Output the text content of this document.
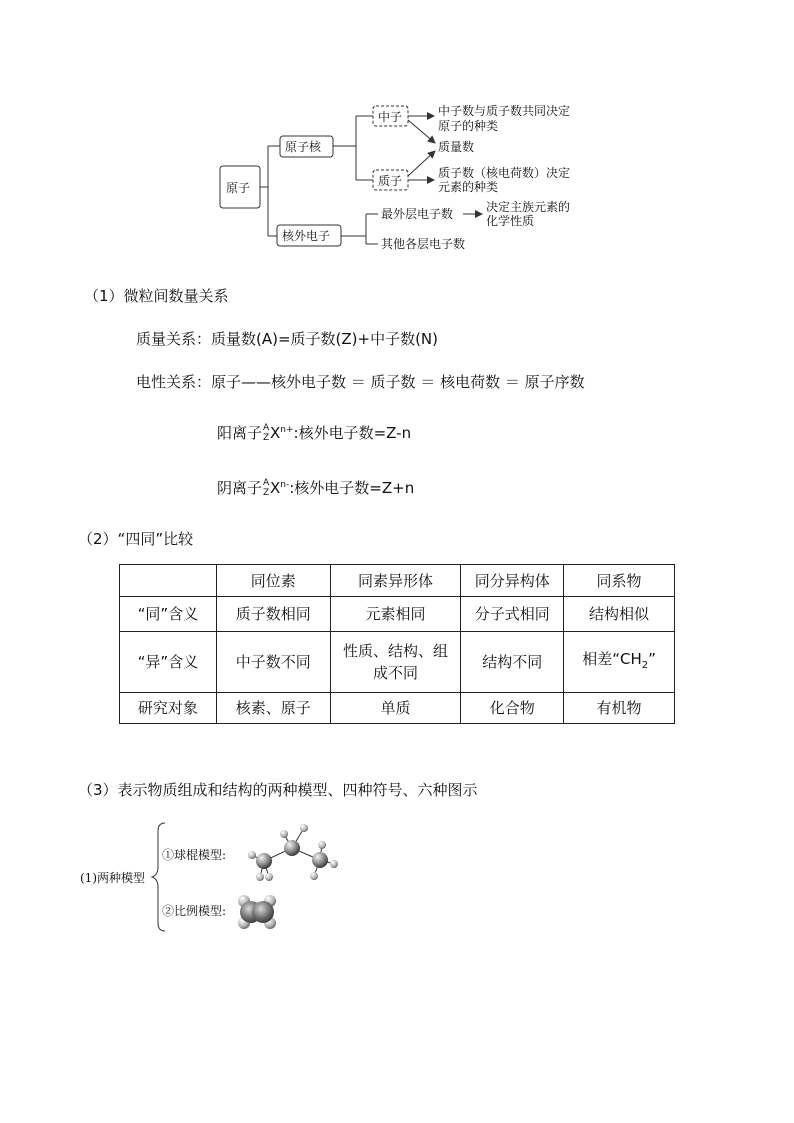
原子
原子核
中子
质子
中子数与质子数共同决定
原子的种类
质量数
质子数（核电荷数）决定
元素的种类
核外电子
最外层电子数	决定主族元素的
化学性质
其他各层电子数
（1）微粒间数量关系
质量关系：质量数(A)=质子数(Z)+中子数(N)
电性关系：原子——核外电子数 ＝ 质子数 ＝ 核电荷数 ＝ 原子序数
阳离子 A
Z $X^{n+}$:核外电子数=Z-n
阴离子 A
Z $X^{n-}$:核外电子数=Z+n
（2）“四同”比较
	同位素	同素异形体	同分异构体	同系物
“同”含义	质子数相同	元素相同	分子式相同	结构相似
“异”含义	中子数不同	性质、结构、组成不同	结构不同	相差“$CH_2$”
研究对象	核素、原子	单质	化合物	有机物
（3）表示物质组成和结构的两种模型、四种符号、六种图示
(1)两种模型
①球棍模型:
②比例模型:
